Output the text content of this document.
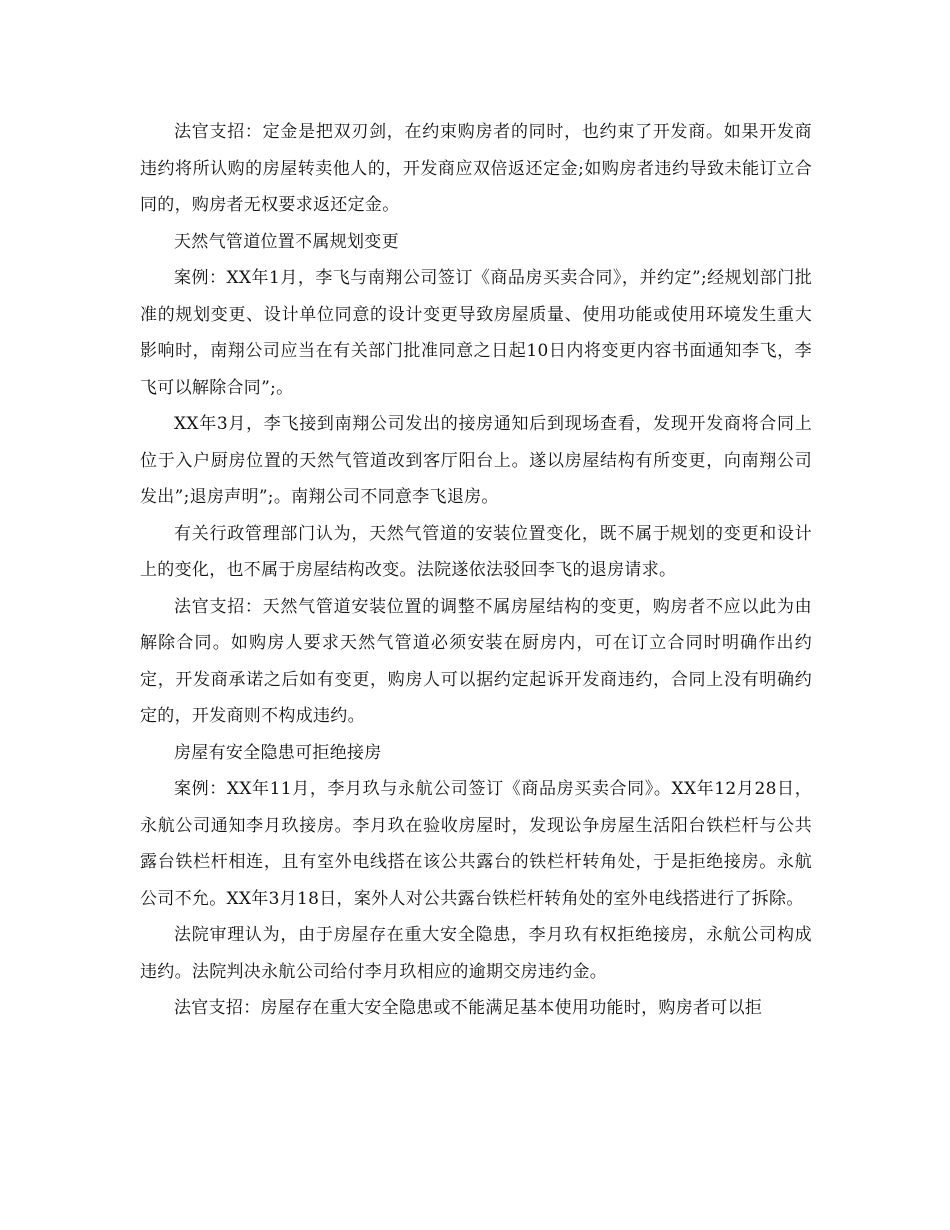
法官支招：定金是把双刃剑，在约束购房者的同时，也约束了开发商。如果开发商违约将所认购的房屋转卖他人的，开发商应双倍返还定金;如购房者违约导致未能订立合同的，购房者无权要求返还定金。

天然气管道位置不属规划变更

案例：XX年1月，李飞与南翔公司签订《商品房买卖合同》，并约定”;经规划部门批准的规划变更、设计单位同意的设计变更导致房屋质量、使用功能或使用环境发生重大影响时，南翔公司应当在有关部门批准同意之日起10日内将变更内容书面通知李飞，李飞可以解除合同”;。

XX年3月，李飞接到南翔公司发出的接房通知后到现场查看，发现开发商将合同上位于入户厨房位置的天然气管道改到客厅阳台上。遂以房屋结构有所变更，向南翔公司发出”;退房声明”;。南翔公司不同意李飞退房。

有关行政管理部门认为，天然气管道的安装位置变化，既不属于规划的变更和设计上的变化，也不属于房屋结构改变。法院遂依法驳回李飞的退房请求。

法官支招：天然气管道安装位置的调整不属房屋结构的变更，购房者不应以此为由解除合同。如购房人要求天然气管道必须安装在厨房内，可在订立合同时明确作出约定，开发商承诺之后如有变更，购房人可以据约定起诉开发商违约，合同上没有明确约定的，开发商则不构成违约。

房屋有安全隐患可拒绝接房

案例：XX年11月，李月玖与永航公司签订《商品房买卖合同》。XX年12月28日，永航公司通知李月玖接房。李月玖在验收房屋时，发现讼争房屋生活阳台铁栏杆与公共露台铁栏杆相连，且有室外电线搭在该公共露台的铁栏杆转角处，于是拒绝接房。永航公司不允。XX年3月18日，案外人对公共露台铁栏杆转角处的室外电线搭进行了拆除。

法院审理认为，由于房屋存在重大安全隐患，李月玖有权拒绝接房，永航公司构成违约。法院判决永航公司给付李月玖相应的逾期交房违约金。

法官支招：房屋存在重大安全隐患或不能满足基本使用功能时，购房者可以拒
